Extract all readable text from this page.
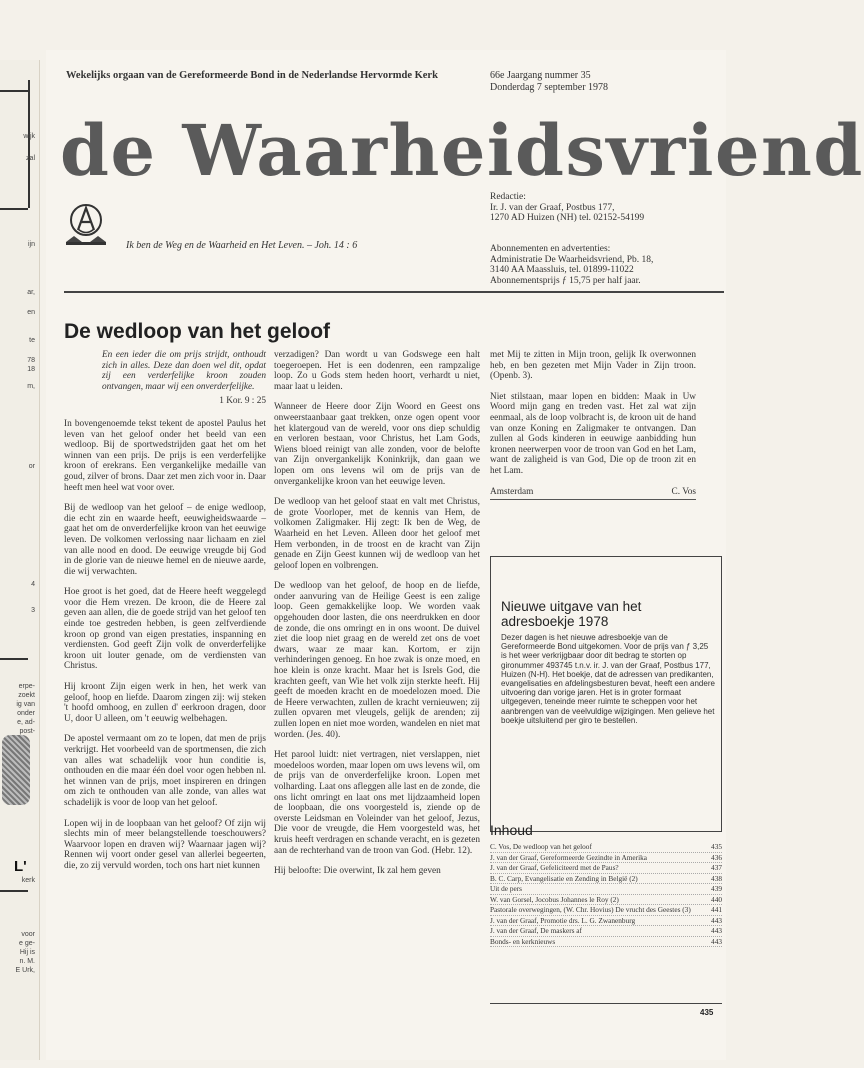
wijk
zal
ijn
ar,
en
te
78
18
m,
or
4
3
erpe-
zoekt
ig van
onder
e, ad-
post-
L'
kerk
voor
e ge-
Hij is
n. M.
E Urk,
Wekelijks orgaan van de Gereformeerde Bond in de Nederlandse Hervormde Kerk	66e Jaargang nummer 35
Donderdag 7 september 1978
de Waarheidsvriend
Ik ben de Weg en de Waarheid en Het Leven. – Joh. 14 : 6
Redactie:
Ir. J. van der Graaf, Postbus 177,
1270 AD Huizen (NH) tel. 02152-54199
Abonnementen en advertenties:
Administratie De Waarheidsvriend, Pb. 18,
3140 AA Maassluis, tel. 01899-11022
Abonnementsprijs ƒ 15,75 per half jaar.
De wedloop van het geloof

En een ieder die om prijs strijdt, onthoudt zich in alles. Deze dan doen wel dit, opdat zij een verderfelijke kroon zouden ontvangen, maar wij een onverderfelijke.

1 Kor. 9 : 25

In bovengenoemde tekst tekent de apostel Paulus het leven van het geloof onder het beeld van een wedloop. Bij de sportwedstrijden gaat het om het winnen van een prijs. De prijs is een verderfelijke kroon of erekrans. Een vergankelijke medaille van goud, zilver of brons. Daar zet men zich voor in. Daar heeft men heel wat voor over.

Bij de wedloop van het geloof – de enige wedloop, die echt zin en waarde heeft, eeuwigheidswaarde – gaat het om de onverderfelijke kroon van het eeuwige leven. De volkomen verlossing naar lichaam en ziel van alle nood en dood. De eeuwige vreugde bij God in de glorie van de nieuwe hemel en de nieuwe aarde, die wij verwachten.

Hoe groot is het goed, dat de Heere heeft weggelegd voor die Hem vrezen. De kroon, die de Heere zal geven aan allen, die de goede strijd van het geloof ten einde toe gestreden hebben, is geen zelfverdiende kroon op grond van eigen prestaties, inspanning en verdiensten. God geeft Zijn volk de onverderfelijke kroon uit louter genade, om de verdiensten van Christus.

Hij kroont Zijn eigen werk in hen, het werk van geloof, hoop en liefde. Daarom zingen zij: wij steken 't hoofd omhoog, en zullen d' eerkroon dragen, door U, door U alleen, om 't eeuwig welbehagen.

De apostel vermaant om zo te lopen, dat men de prijs verkrijgt. Het voorbeeld van de sportmensen, die zich van alles wat schadelijk voor hun conditie is, onthouden en die maar één doel voor ogen hebben nl. het winnen van de prijs, moet inspireren en dringen om zich te onthouden van alle zonde, van alles wat schadelijk is voor de loop van het geloof.

Lopen wij in de loopbaan van het geloof? Of zijn wij slechts min of meer belangstellende toeschouwers? Waarvoor lopen en draven wij? Waarnaar jagen wij? Rennen wij voort onder gesel van allerlei begeerten, die, zo zij vervuld worden, toch ons hart niet kunnen

verzadigen? Dan wordt u van Godswege een halt toegeroepen. Het is een dodenren, een rampzalige loop. Zo u Gods stem heden hoort, verhardt u niet, maar laat u leiden.

Wanneer de Heere door Zijn Woord en Geest ons onweerstaanbaar gaat trekken, onze ogen opent voor het klatergoud van de wereld, voor ons diep schuldig en verloren bestaan, voor Christus, het Lam Gods, Wiens bloed reinigt van alle zonden, voor de belofte van Zijn onvergankelijk Koninkrijk, dan gaan we lopen om ons levens wil om de prijs van de onvergankelijke kroon van het eeuwige leven.

De wedloop van het geloof staat en valt met Christus, de grote Voorloper, met de kennis van Hem, de volkomen Zaligmaker. Hij zegt: Ik ben de Weg, de Waarheid en het Leven. Alleen door het geloof met Hem verbonden, in de troost en de kracht van Zijn genade en Zijn Geest kunnen wij de wedloop van het geloof lopen en volbrengen.

De wedloop van het geloof, de hoop en de liefde, onder aanvuring van de Heilige Geest is een zalige loop. Geen gemakkelijke loop. We worden vaak opgehouden door lasten, die ons neerdrukken en door de zonde, die ons omringt en in ons woont. De duivel ziet die loop niet graag en de wereld zet ons de voet dwars, waar ze maar kan. Kortom, er zijn verhinderingen genoeg. En hoe zwak is onze moed, en hoe klein is onze kracht. Maar het is Isrels God, die krachten geeft, van Wie het volk zijn sterkte heeft. Hij geeft de moeden kracht en de moedelozen moed. Die de Heere verwachten, zullen de kracht vernieuwen; zij zullen opvaren met vleugels, gelijk de arenden; zij zullen lopen en niet moe worden, wandelen en niet mat worden. (Jes. 40).

Het parool luidt: niet vertragen, niet verslappen, niet moedeloos worden, maar lopen om uws levens wil, om de prijs van de onverderfelijke kroon. Lopen met volharding. Laat ons afleggen alle last en de zonde, die ons licht omringt en laat ons met lijdzaamheid lopen de loopbaan, die ons voorgesteld is, ziende op de overste Leidsman en Voleinder van het geloof, Jezus, Die voor de vreugde, die Hem voorgesteld was, het kruis heeft verdragen en schande veracht, en is gezeten aan de rechterhand van de troon van God. (Hebr. 12).

Hij beloofte: Die overwint, Ik zal hem geven

met Mij te zitten in Mijn troon, gelijk Ik overwonnen heb, en ben gezeten met Mijn Vader in Zijn troon. (Openb. 3).

Niet stilstaan, maar lopen en bidden: Maak in Uw Woord mijn gang en treden vast. Het zal wat zijn eenmaal, als de loop volbracht is, de kroon uit de hand van onze Koning en Zaligmaker te ontvangen. Dan zullen al Gods kinderen in eeuwige aanbidding hun kronen neerwerpen voor de troon van God en het Lam, want de zaligheid is van God, Die op de troon zit en het Lam.

Amsterdam	C. Vos
Nieuwe uitgave van het adresboekje 1978

Dezer dagen is het nieuwe adresboekje van de Gereformeerde Bond uitgekomen. Voor de prijs van ƒ 3,25 is het weer verkrijgbaar door dit bedrag te storten op gironummer 493745 t.n.v. ir. J. van der Graaf, Postbus 177, Huizen (N-H). Het boekje, dat de adressen van predikanten, evangelisaties en afdelingsbesturen bevat, heeft een andere uitvoering dan vorige jaren. Het is in groter formaat uitgegeven, teneinde meer ruimte te scheppen voor het aanbrengen van de veelvuldige wijzigingen. Men gelieve het boekje uitsluitend per giro te bestellen.

Inhoud
C. Vos, De wedloop van het geloof	435
J. van der Graaf, Gereformeerde Gezindte in Amerika	436
J. van der Graaf, Gefeliciteerd met de Paus?	437
B. C. Carp, Evangelisatie en Zending in België (2)	438
Uit de pers	439
W. van Gorsel, Jocobus Johannes le Roy (2)	440
Pastorale overwegingen, (W. Chr. Hovius) De vrucht des Geestes (3)	441
J. van der Graaf, Promotie drs. L. G. Zwanenburg	443
J. van der Graaf, De maskers af	443
Bonds- en kerknieuws	443
435
